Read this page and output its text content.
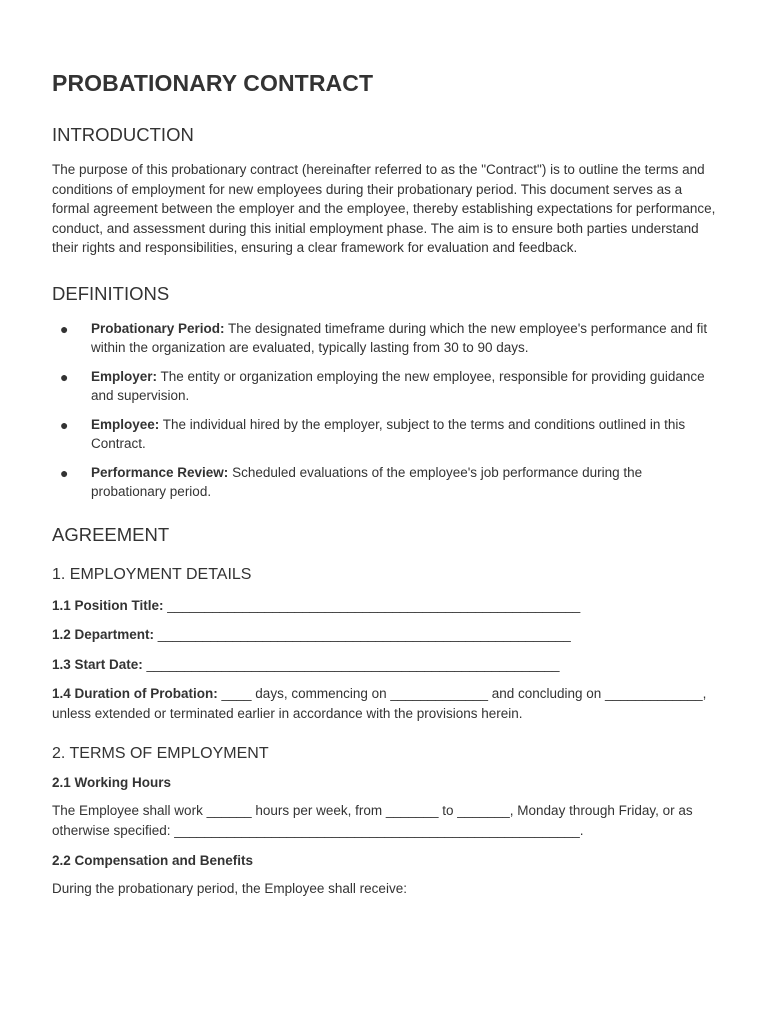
PROBATIONARY CONTRACT
INTRODUCTION

The purpose of this probationary contract (hereinafter referred to as the "Contract") is to outline the terms and conditions of employment for new employees during their probationary period. This document serves as a formal agreement between the employer and the employee, thereby establishing expectations for performance, conduct, and assessment during this initial employment phase. The aim is to ensure both parties understand their rights and responsibilities, ensuring a clear framework for evaluation and feedback.

DEFINITIONS
● Probationary Period: The designated timeframe during which the new employee's performance and fit within the organization are evaluated, typically lasting from 30 to 90 days.
● Employer: The entity or organization employing the new employee, responsible for providing guidance and supervision.
● Employee: The individual hired by the employer, subject to the terms and conditions outlined in this Contract.
● Performance Review: Scheduled evaluations of the employee's job performance during the probationary period.
AGREEMENT
1. EMPLOYMENT DETAILS
1.1 Position Title: _______________________________________________________
1.2 Department: _______________________________________________________
1.3 Start Date: _______________________________________________________
1.4 Duration of Probation: ____ days, commencing on _____________ and concluding on _____________, unless extended or terminated earlier in accordance with the provisions herein.
2. TERMS OF EMPLOYMENT
2.1 Working Hours

The Employee shall work ______ hours per week, from _______ to _______, Monday through Friday, or as otherwise specified: ______________________________________________________.

2.2 Compensation and Benefits

During the probationary period, the Employee shall receive:
